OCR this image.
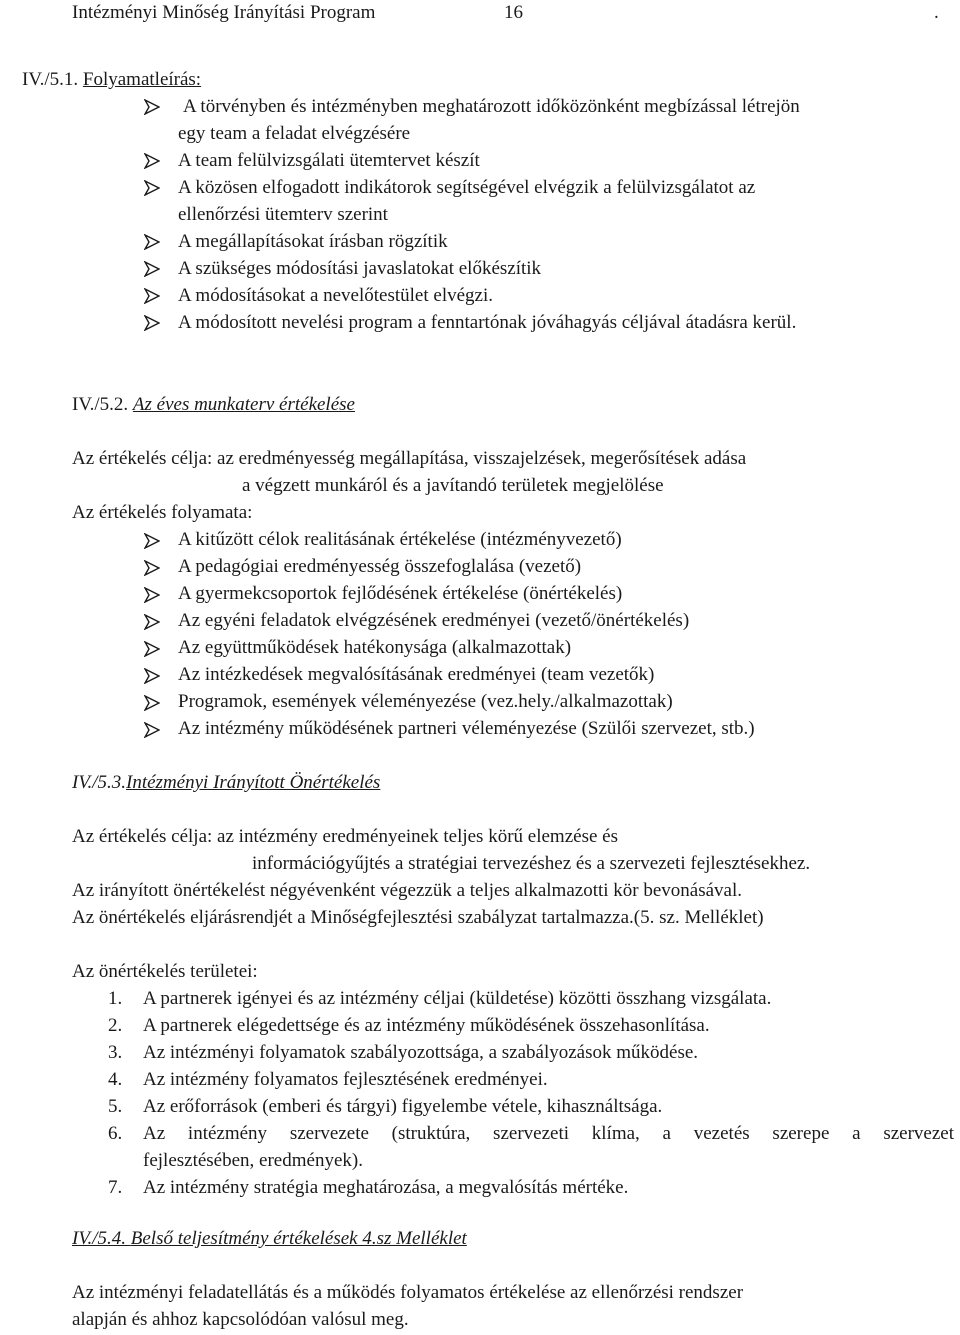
Intézményi Minőség Irányítási Program	16	.
IV./5.1. Folyamatleírás:
A törvényben és intézményben meghatározott időközönként megbízással létrejön
egy team a feladat elvégzésére
A team felülvizsgálati ütemtervet készít
A közösen elfogadott indikátorok segítségével elvégzik a felülvizsgálatot az
ellenőrzési ütemterv szerint
A megállapításokat írásban rögzítik
A szükséges módosítási javaslatokat előkészítik
A módosításokat a nevelőtestület elvégzi.
A módosított nevelési program a fenntartónak jóváhagyás céljával átadásra kerül.
IV./5.2. Az éves munkaterv értékelése
Az értékelés célja: az eredményesség megállapítása, visszajelzések, megerősítések adása
a végzett munkáról és a javítandó területek megjelölése
Az értékelés folyamata:
A kitűzött célok realitásának értékelése (intézményvezető)
A pedagógiai eredményesség összefoglalása (vezető)
A gyermekcsoportok fejlődésének értékelése (önértékelés)
Az egyéni feladatok elvégzésének eredményei (vezető/önértékelés)
Az együttműködések hatékonysága (alkalmazottak)
Az intézkedések megvalósításának eredményei (team vezetők)
Programok, események véleményezése (vez.hely./alkalmazottak)
Az intézmény működésének partneri véleményezése (Szülői szervezet, stb.)
IV./5.3.Intézményi Irányított Önértékelés
Az értékelés célja: az intézmény eredményeinek teljes körű elemzése és
információgyűjtés a stratégiai tervezéshez és a szervezeti fejlesztésekhez.
Az irányított önértékelést négyévenként végezzük a teljes alkalmazotti kör bevonásával.
Az önértékelés eljárásrendjét a Minőségfejlesztési szabályzat tartalmazza.(5. sz. Melléklet)
Az önértékelés területei:
1. A partnerek igényei és az intézmény céljai (küldetése) közötti összhang vizsgálata.
2. A partnerek elégedettsége és az intézmény működésének összehasonlítása.
3. Az intézményi folyamatok szabályozottsága, a szabályozások működése.
4. Az intézmény folyamatos fejlesztésének eredményei.
5. Az erőforrások (emberi és tárgyi) figyelembe vétele, kihasználtsága.
6. Az intézmény szervezete (struktúra, szervezeti klíma, a vezetés szerepe a szervezet
fejlesztésében, eredmények).
7. Az intézmény stratégia meghatározása, a megvalósítás mértéke.
IV./5.4. Belső teljesítmény értékelések 4.sz Melléklet
Az intézményi feladatellátás és a működés folyamatos értékelése az ellenőrzési rendszer
alapján és ahhoz kapcsolódóan valósul meg.
